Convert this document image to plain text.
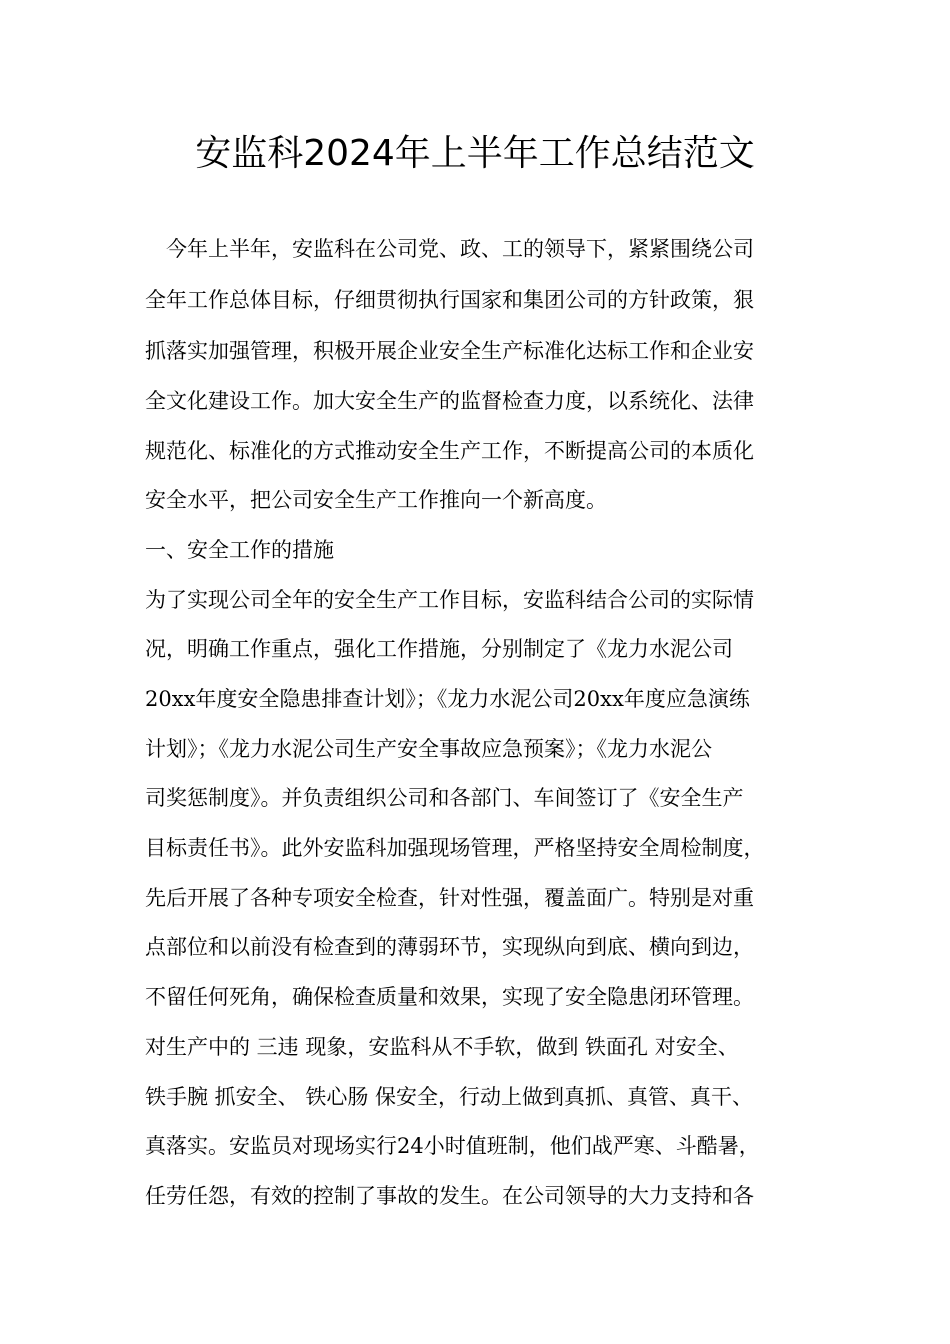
安监科2024年上半年工作总结范文
　今年上半年，安监科在公司党、政、工的领导下，紧紧围绕公司
全年工作总体目标，仔细贯彻执行国家和集团公司的方针政策，狠
抓落实加强管理，积极开展企业安全生产标准化达标工作和企业安
全文化建设工作。加大安全生产的监督检查力度，以系统化、法律
规范化、标准化的方式推动安全生产工作，不断提高公司的本质化
安全水平，把公司安全生产工作推向一个新高度。
一、安全工作的措施
为了实现公司全年的安全生产工作目标，安监科结合公司的实际情
况，明确工作重点，强化工作措施，分别制定了《龙力水泥公司
20xx年度安全隐患排查计划》；《龙力水泥公司20xx年度应急演练
计划》；《龙力水泥公司生产安全事故应急预案》；《龙力水泥公
司奖惩制度》。并负责组织公司和各部门、车间签订了《安全生产
目标责任书》。此外安监科加强现场管理，严格坚持安全周检制度，
先后开展了各种专项安全检查，针对性强，覆盖面广。特别是对重
点部位和以前没有检查到的薄弱环节，实现纵向到底、横向到边，
不留任何死角，确保检查质量和效果，实现了安全隐患闭环管理。
对生产中的 三违 现象，安监科从不手软，做到 铁面孔 对安全、
铁手腕 抓安全、 铁心肠 保安全，行动上做到真抓、真管、真干、
真落实。安监员对现场实行24小时值班制，他们战严寒、斗酷暑，
任劳任怨，有效的控制了事故的发生。在公司领导的大力支持和各
